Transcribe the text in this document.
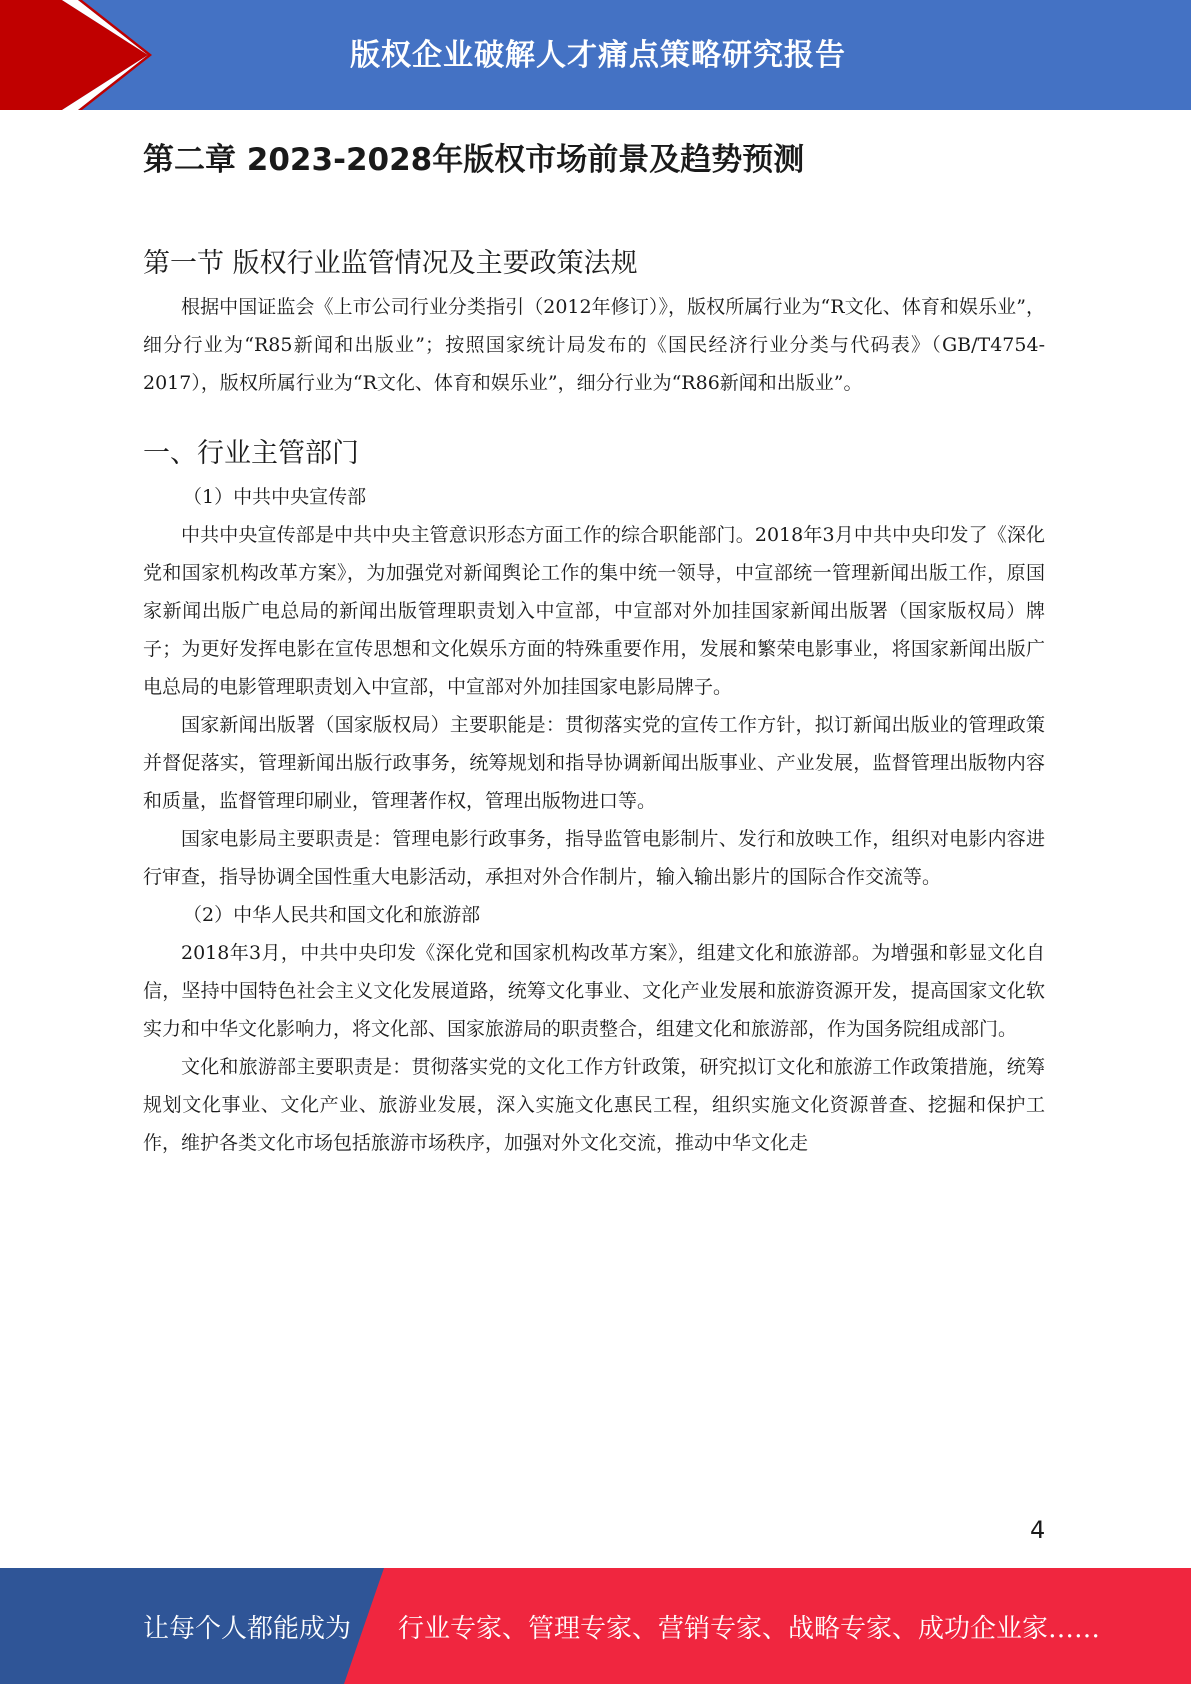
版权企业破解人才痛点策略研究报告
第二章 2023-2028年版权市场前景及趋势预测
第一节 版权行业监管情况及主要政策法规

根据中国证监会《上市公司行业分类指引（2012年修订）》，版权所属行业为“R文化、体育和娱乐业”，细分行业为“R85新闻和出版业”；按照国家统计局发布的《国民经济行业分类与代码表》（GB/T4754-2017），版权所属行业为“R文化、体育和娱乐业”，细分行业为“R86新闻和出版业”。

一、行业主管部门

（1）中共中央宣传部

中共中央宣传部是中共中央主管意识形态方面工作的综合职能部门。2018年3月中共中央印发了《深化党和国家机构改革方案》，为加强党对新闻舆论工作的集中统一领导，中宣部统一管理新闻出版工作，原国家新闻出版广电总局的新闻出版管理职责划入中宣部，中宣部对外加挂国家新闻出版署（国家版权局）牌子；为更好发挥电影在宣传思想和文化娱乐方面的特殊重要作用，发展和繁荣电影事业，将国家新闻出版广电总局的电影管理职责划入中宣部，中宣部对外加挂国家电影局牌子。

国家新闻出版署（国家版权局）主要职能是：贯彻落实党的宣传工作方针，拟订新闻出版业的管理政策并督促落实，管理新闻出版行政事务，统筹规划和指导协调新闻出版事业、产业发展，监督管理出版物内容和质量，监督管理印刷业，管理著作权，管理出版物进口等。

国家电影局主要职责是：管理电影行政事务，指导监管电影制片、发行和放映工作，组织对电影内容进行审查，指导协调全国性重大电影活动，承担对外合作制片，输入输出影片的国际合作交流等。

（2）中华人民共和国文化和旅游部

2018年3月，中共中央印发《深化党和国家机构改革方案》，组建文化和旅游部。为增强和彰显文化自信，坚持中国特色社会主义文化发展道路，统筹文化事业、文化产业发展和旅游资源开发，提高国家文化软实力和中华文化影响力，将文化部、国家旅游局的职责整合，组建文化和旅游部，作为国务院组成部门。

文化和旅游部主要职责是：贯彻落实党的文化工作方针政策，研究拟订文化和旅游工作政策措施，统筹规划文化事业、文化产业、旅游业发展，深入实施文化惠民工程，组织实施文化资源普查、挖掘和保护工作，维护各类文化市场包括旅游市场秩序，加强对外文化交流，推动中华文化走

4
让每个人都能成为 行业专家、管理专家、营销专家、战略专家、成功企业家……
